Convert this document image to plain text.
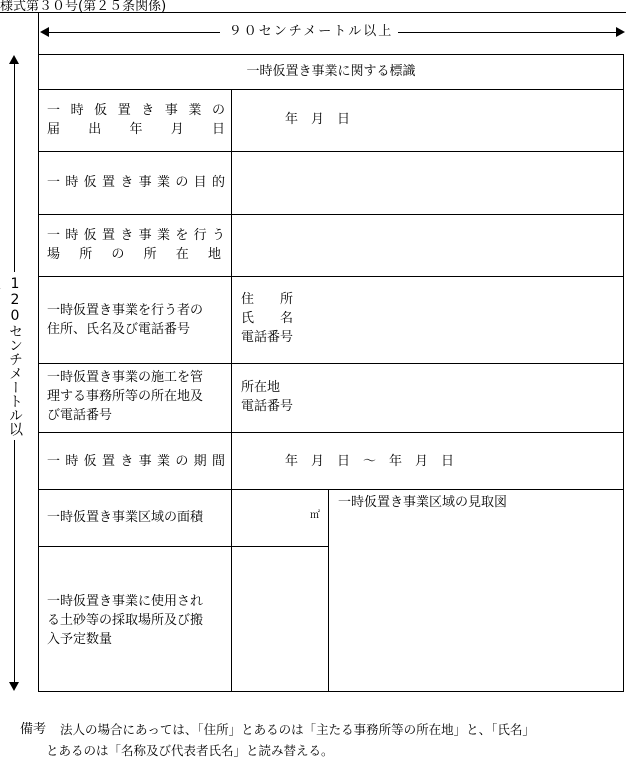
様式第３０号(第２５条関係)
９０センチメートル以上
120センチメートル以
一時仮置き事業に関する標識
一時仮置き事業の
届出年月日
年　月　日
一時仮置き事業の目的
一時仮置き事業を行う
場所の所在地
一時仮置き事業を行う者の
住所、氏名及び電話番号
住　　所
氏　　名
電話番号
一時仮置き事業の施工を管
理する事務所等の所在地及
び電話番号
所在地
電話番号
一時仮置き事業の期間	年　月　日　～　年　月　日
一時仮置き事業区域の面積	㎡
一時仮置き事業区域の見取図
一時仮置き事業に使用され
る土砂等の採取場所及び搬
入予定数量
備考 法人の場合にあっては、「住所」とあるのは「主たる事務所等の所在地」と、「氏名」
とあるのは「名称及び代表者氏名」と読み替える。
